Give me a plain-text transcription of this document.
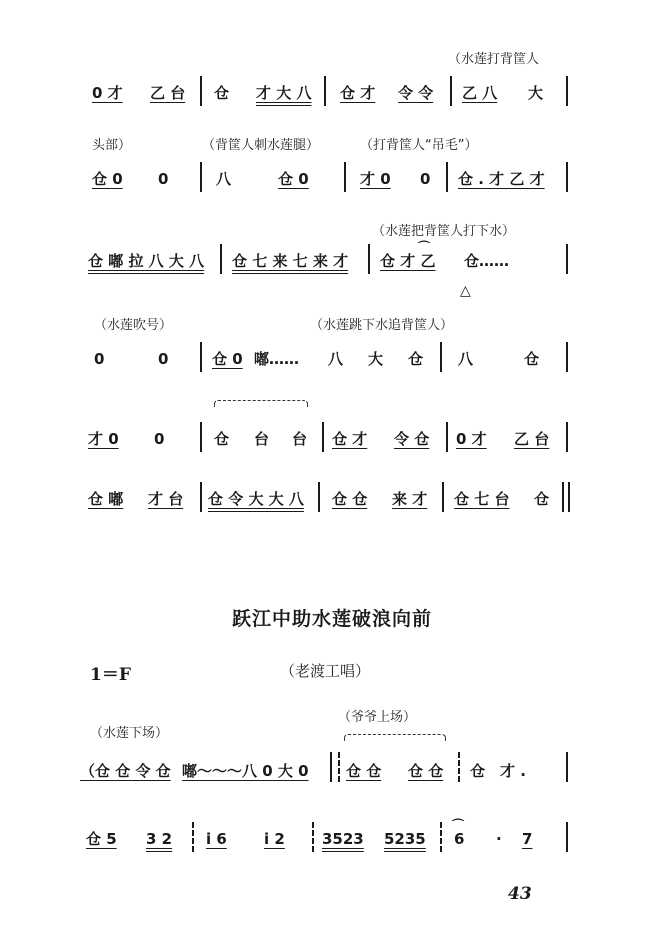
（水莲打背筐人
0 才 乙 台 仓 才 大 八 仓 才 令 令 乙 八 大
头部）	（背筐人刺水莲腿）	（打背筐人“吊毛”）
仓 0 0	八	仓 0	才 0 0 仓 . 才 乙 才
（水莲把背筐人打下水）
仓 嘟 拉 八 大 八 仓 七 来 七 来 才
⌒
仓 才 乙 仓……
△
（水莲吹号）	（水莲跳下水追背筐人）
0	0	仓 0 嘟…… 八 大 仓 八	仓
才 0 0	仓 台 台 仓 才 令 仓 0 才 乙 台
仓 嘟 才 台 仓 令 大 大 八 仓 仓 来 才 仓 七 台 仓
跃江中助水莲破浪向前
1＝F	（老渡工唱）
（水莲下场）
（爷爷上场）
（仓 仓 令 仓 嘟～～～八 0 大 0 仓 仓 仓 仓 仓 才 .
仓 5 3 2 i 6 i 2 3523 5235
⌒
6 · 7
43
